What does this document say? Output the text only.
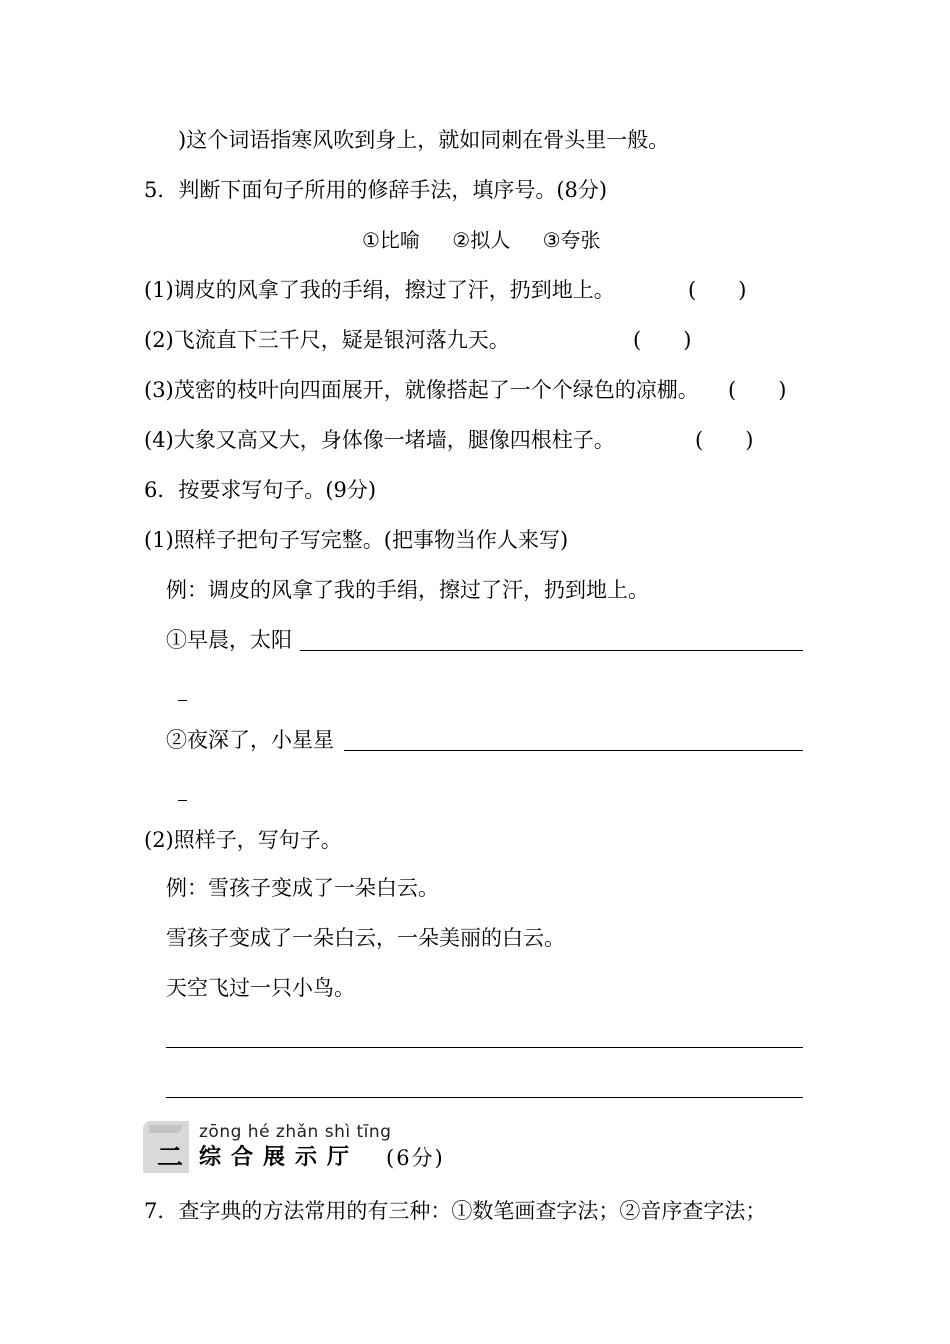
)这个词语指寒风吹到身上，就如同刺在骨头里一般。
5．判断下面句子所用的修辞手法，填序号。(8分)
①比喻 ②拟人 ③夸张
(1)调皮的风拿了我的手绢，擦过了汗，扔到地上。	(　　)
(2)飞流直下三千尺，疑是银河落九天。	(　　)
(3)茂密的枝叶向四面展开，就像搭起了一个个绿色的凉棚。 (　　)
(4)大象又高又大，身体像一堵墙，腿像四根柱子。	(　　)
6．按要求写句子。(9分)
(1)照样子把句子写完整。(把事物当作人来写)
例：调皮的风拿了我的手绢，擦过了汗，扔到地上。
①早晨，太阳
②夜深了，小星星
(2)照样子，写句子。
例：雪孩子变成了一朵白云。
雪孩子变成了一朵白云，一朵美丽的白云。
天空飞过一只小鸟。
二
zōng hé zhǎn shì tīng
综合展示厅 (6分)
7．查字典的方法常用的有三种：①数笔画查字法；②音序查字法；
